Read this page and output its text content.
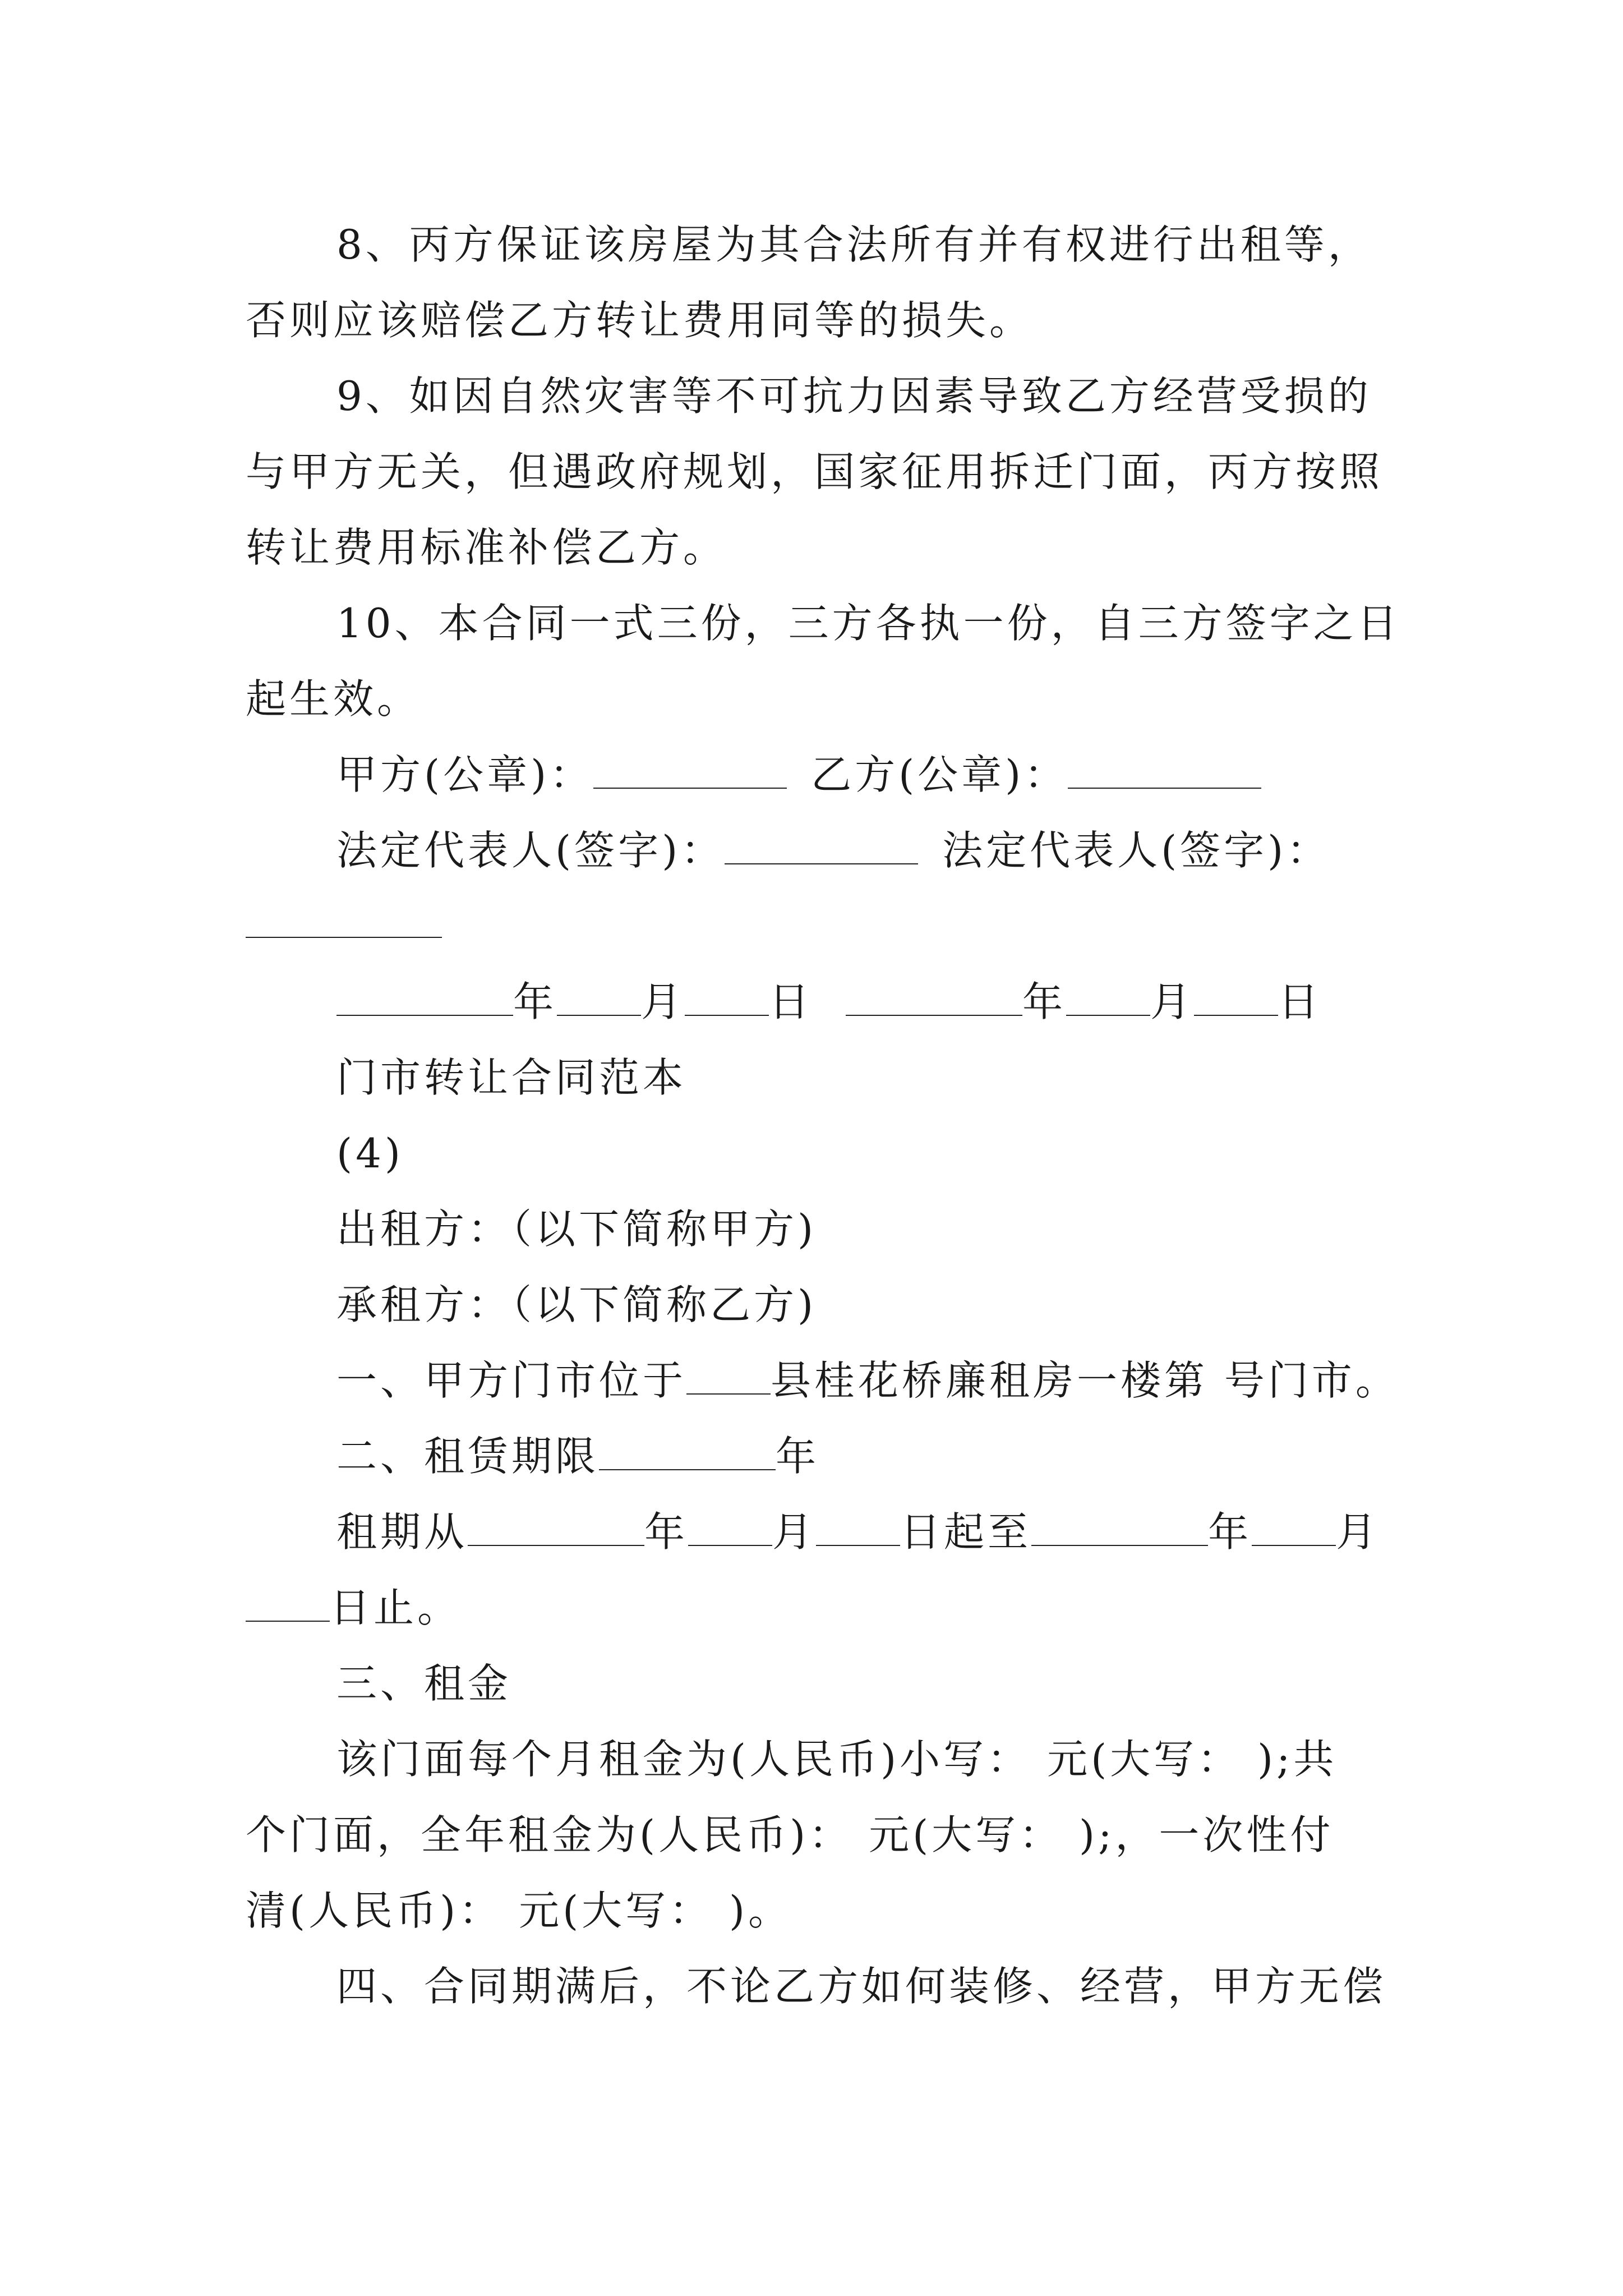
8、丙方保证该房屋为其合法所有并有权进行出租等，
否则应该赔偿乙方转让费用同等的损失。
9、如因自然灾害等不可抗力因素导致乙方经营受损的
与甲方无关，但遇政府规划，国家征用拆迁门面，丙方按照
转让费用标准补偿乙方。
10、本合同一式三份，三方各执一份，自三方签字之日
起生效。
甲方(公章)：	乙方(公章)：
法定代表人(签字)：	法定代表人(签字)：
年 月 日	年 月 日
门市转让合同范本
(4)
出租方：（以下简称甲方)
承租方：（以下简称乙方)
一、甲方门市位于 县桂花桥廉租房一楼第 号门市。
二、租赁期限	年
租期从	年 月 日起至	年 月
日止。
三、租金
该门面每个月租金为(人民币)小写： 元(大写： );共
个门面，全年租金为(人民币)： 元(大写： );，一次性付
清(人民币)： 元(大写： )。
四、合同期满后，不论乙方如何装修、经营，甲方无偿
